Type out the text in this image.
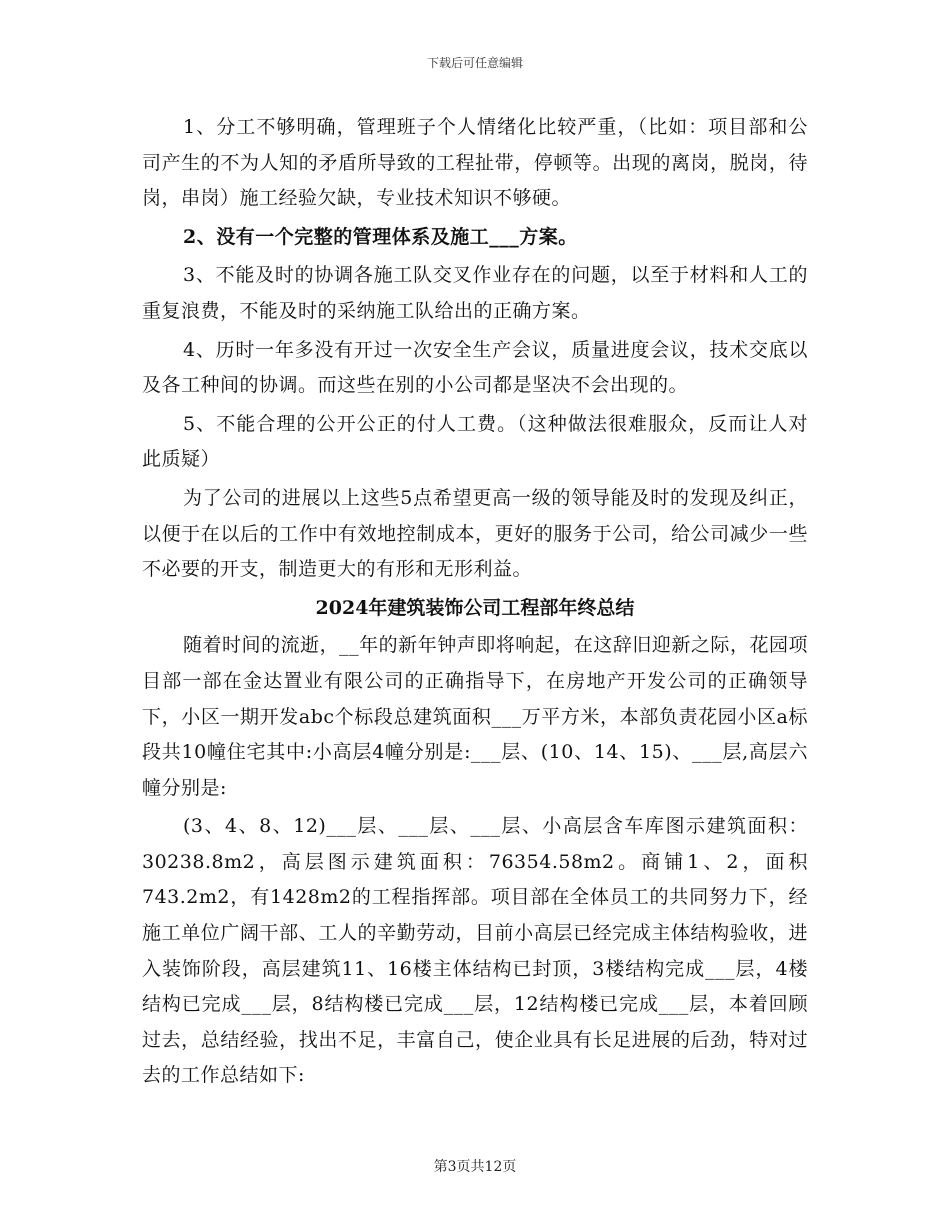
下载后可任意编辑

1、分工不够明确，管理班子个人情绪化比较严重，（比如：项目部和公司产生的不为人知的矛盾所导致的工程扯带，停顿等。出现的离岗，脱岗，待岗，串岗）施工经验欠缺，专业技术知识不够硬。

2、没有一个完整的管理体系及施工___方案。

3、不能及时的协调各施工队交叉作业存在的问题，以至于材料和人工的重复浪费，不能及时的采纳施工队给出的正确方案。

4、历时一年多没有开过一次安全生产会议，质量进度会议，技术交底以及各工种间的协调。而这些在别的小公司都是坚决不会出现的。

5、不能合理的公开公正的付人工费。（这种做法很难服众，反而让人对此质疑）

为了公司的进展以上这些5点希望更高一级的领导能及时的发现及纠正，以便于在以后的工作中有效地控制成本，更好的服务于公司，给公司减少一些不必要的开支，制造更大的有形和无形利益。

2024年建筑装饰公司工程部年终总结

随着时间的流逝，__年的新年钟声即将响起，在这辞旧迎新之际，花园项目部一部在金达置业有限公司的正确指导下，在房地产开发公司的正确领导下，小区一期开发abc个标段总建筑面积___万平方米，本部负责花园小区a标段共10幢住宅其中:小高层4幢分别是:___层、(10、14、15)、___层,高层六幢分别是:

(3、4、8、12)___层、___层、___层、小高层含车库图示建筑面积：30238.8m2，高层图示建筑面积：76354.58m2。商铺1、2，面积743.2m2，有1428m2的工程指挥部。项目部在全体员工的共同努力下，经施工单位广阔干部、工人的辛勤劳动，目前小高层已经完成主体结构验收，进入装饰阶段，高层建筑11、16楼主体结构已封顶，3楼结构完成___层，4楼结构已完成___层，8结构楼已完成___层，12结构楼已完成___层，本着回顾过去，总结经验，找出不足，丰富自己，使企业具有长足进展的后劲，特对过去的工作总结如下:

第3页共12页
